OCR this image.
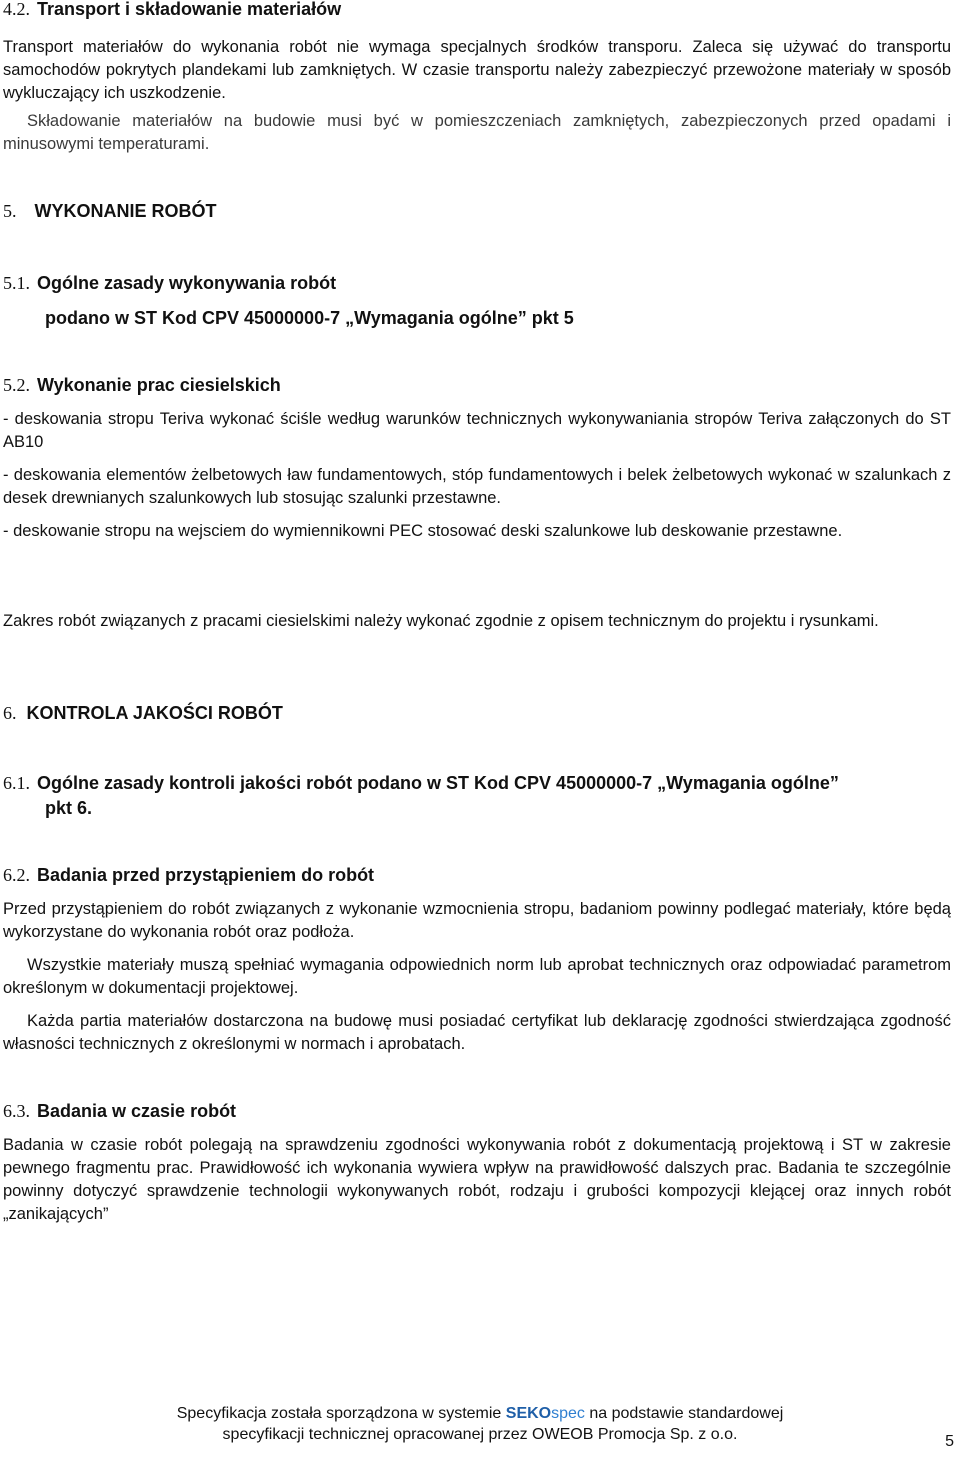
4.2. Transport i składowanie materiałów

Transport materiałów do wykonania robót nie wymaga specjalnych środków transporu. Zaleca się używać do transportu samochodów pokrytych plandekami lub zamkniętych. W czasie transportu należy zabezpieczyć przewożone materiały w sposób wykluczający ich uszkodzenie.

Składowanie materiałów na budowie musi być w pomieszczeniach zamkniętych, zabezpieczonych przed opadami i minusowymi temperaturami.

5. WYKONANIE ROBÓT
5.1. Ogólne zasady wykonywania robót
podano w ST Kod CPV 45000000-7 „Wymagania ogólne” pkt 5
5.2. Wykonanie prac ciesielskich

- deskowania stropu Teriva wykonać ściśle według warunków technicznych wykonywaniania stropów Teriva załączonych do ST AB10

- deskowania elementów żelbetowych ław fundamentowych, stóp fundamentowych i belek żelbetowych wykonać w szalunkach z desek drewnianych szalunkowych lub stosując szalunki przestawne.

- deskowanie stropu na wejsciem do wymiennikowni PEC stosować deski szalunkowe lub deskowanie przestawne.

Zakres robót związanych z pracami ciesielskimi należy wykonać zgodnie z opisem technicznym do projektu i rysunkami.

6. KONTROLA JAKOŚCI ROBÓT
6.1. Ogólne zasady kontroli jakości robót podano w ST Kod CPV 45000000-7 „Wymagania ogólne”
pkt 6.
6.2. Badania przed przystąpieniem do robót

Przed przystąpieniem do robót związanych z wykonanie wzmocnienia stropu, badaniom powinny podlegać materiały, które będą wykorzystane do wykonania robót oraz podłoża.

Wszystkie materiały muszą spełniać wymagania odpowiednich norm lub aprobat technicznych oraz odpowiadać parametrom określonym w dokumentacji projektowej.

Każda partia materiałów dostarczona na budowę musi posiadać certyfikat lub deklarację zgodności stwierdzająca zgodność własności technicznych z określonymi w normach i aprobatach.

6.3. Badania w czasie robót

Badania w czasie robót polegają na sprawdzeniu zgodności wykonywania robót z dokumentacją projektową i ST w zakresie pewnego fragmentu prac. Prawidłowość ich wykonania wywiera wpływ na prawidłowość dalszych prac. Badania te szczególnie powinny dotyczyć sprawdzenie technologii wykonywanych robót, rodzaju i grubości kompozycji klejącej oraz innych robót „zanikających”

Specyfikacja została sporządzona w systemie SEKOspec na podstawie standardowej
specyfikacji technicznej opracowanej przez OWEOB Promocja Sp. z o.o.	5
